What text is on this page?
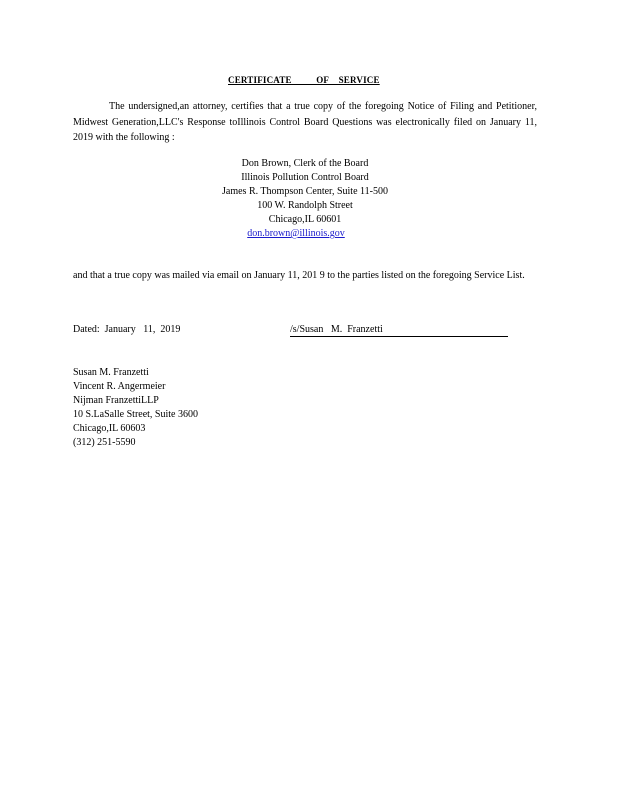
CERTIFICATE          OF    SERVICE
The undersigned,an attorney, certifies that a true copy of the foregoing Notice of Filing and Petitioner, Midwest Generation,LLC's Response toIllinois Control Board Questions was electronically filed on January 11, 2019 with the following :
Don Brown, Clerk of the Board
Illinois Pollution Control Board
James R. Thompson Center, Suite 11-500
100 W. Randolph Street
Chicago,IL 60601
don.brown@illinois.gov
and that a true copy was mailed via email on January 11, 201 9 to the parties listed on the foregoing Service List.
Dated:  January   11,  2019	/s/Susan   M.  Franzetti
Susan M. Franzetti
Vincent R. Angermeier
Nijman FranzettiLLP
10 S.LaSalle Street, Suite 3600
Chicago,IL 60603
(312) 251-5590
